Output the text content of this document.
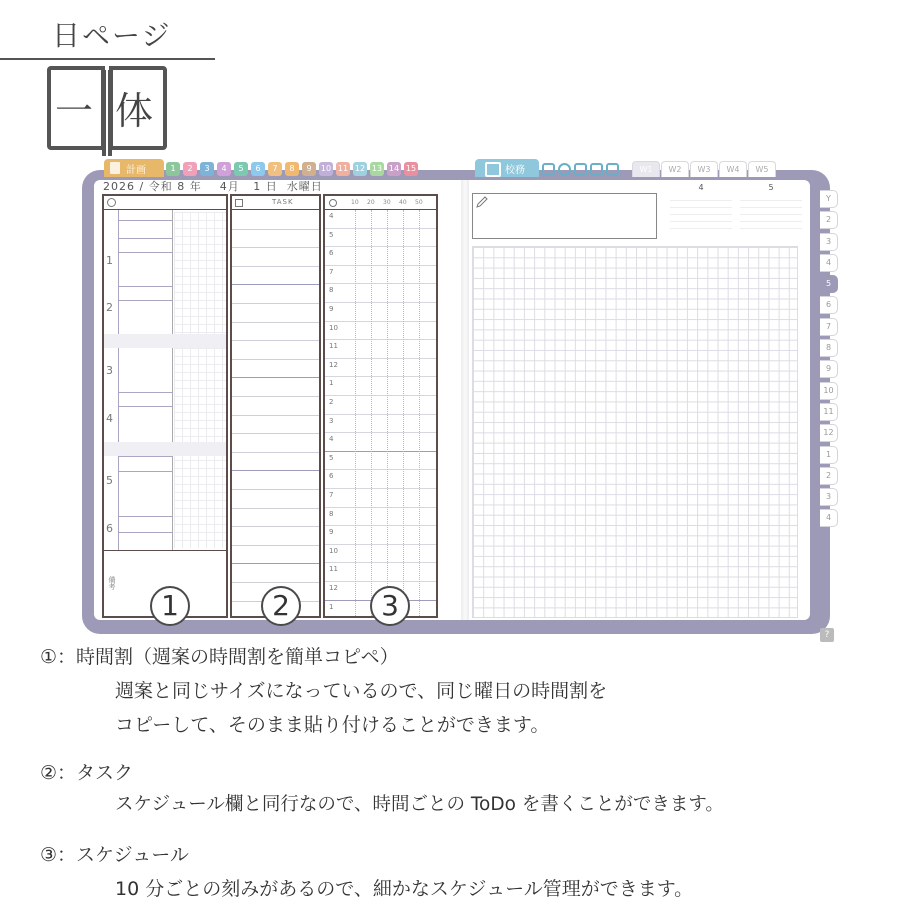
日ページ
一 体
計画	1	2	3	4	5	6	7	8	9	10 11 12 13 14 15	校務	W1	W2	W3	W4	W5
2026 / 令和 8 年 4月 1 日 水曜日
備考
1
2
3
4
5
6
TASK	10 20 30 40 50
4
5
6
7
8
9
10
11
12
1
2
3
4
5
6
7
8
9
10
11
12
1
4	5
Y
2
3
4
5
6
7
8
9
10
11
12
1
2
3
4
?
1	2	3
①：時間割（週案の時間割を簡単コピペ）
週案と同じサイズになっているので、同じ曜日の時間割を
コピーして、そのまま貼り付けることができます。
②：タスク
スケジュール欄と同行なので、時間ごとの ToDo を書くことができます。
③：スケジュール
10 分ごとの刻みがあるので、細かなスケジュール管理ができます。
